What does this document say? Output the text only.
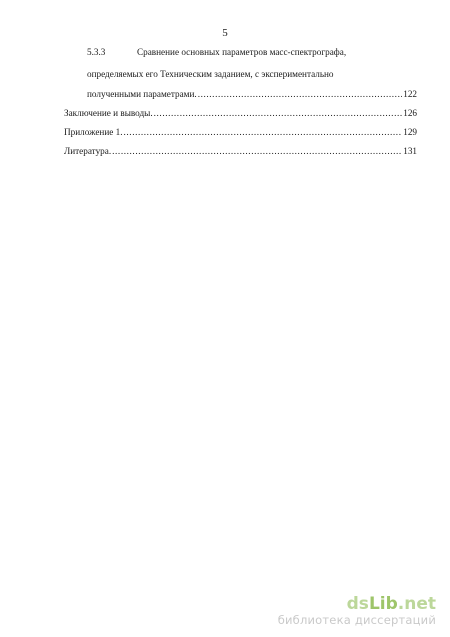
5
5.3.3	Сравнение основных параметров масс-спектрографа,
определяемых его Техническим заданием, с экспериментально
полученными параметрами. .....	122
Заключение и выводы. .....	126
Приложение 1. .....	129
Литература. .....	131
dsLib.net
библиотека диссертаций
